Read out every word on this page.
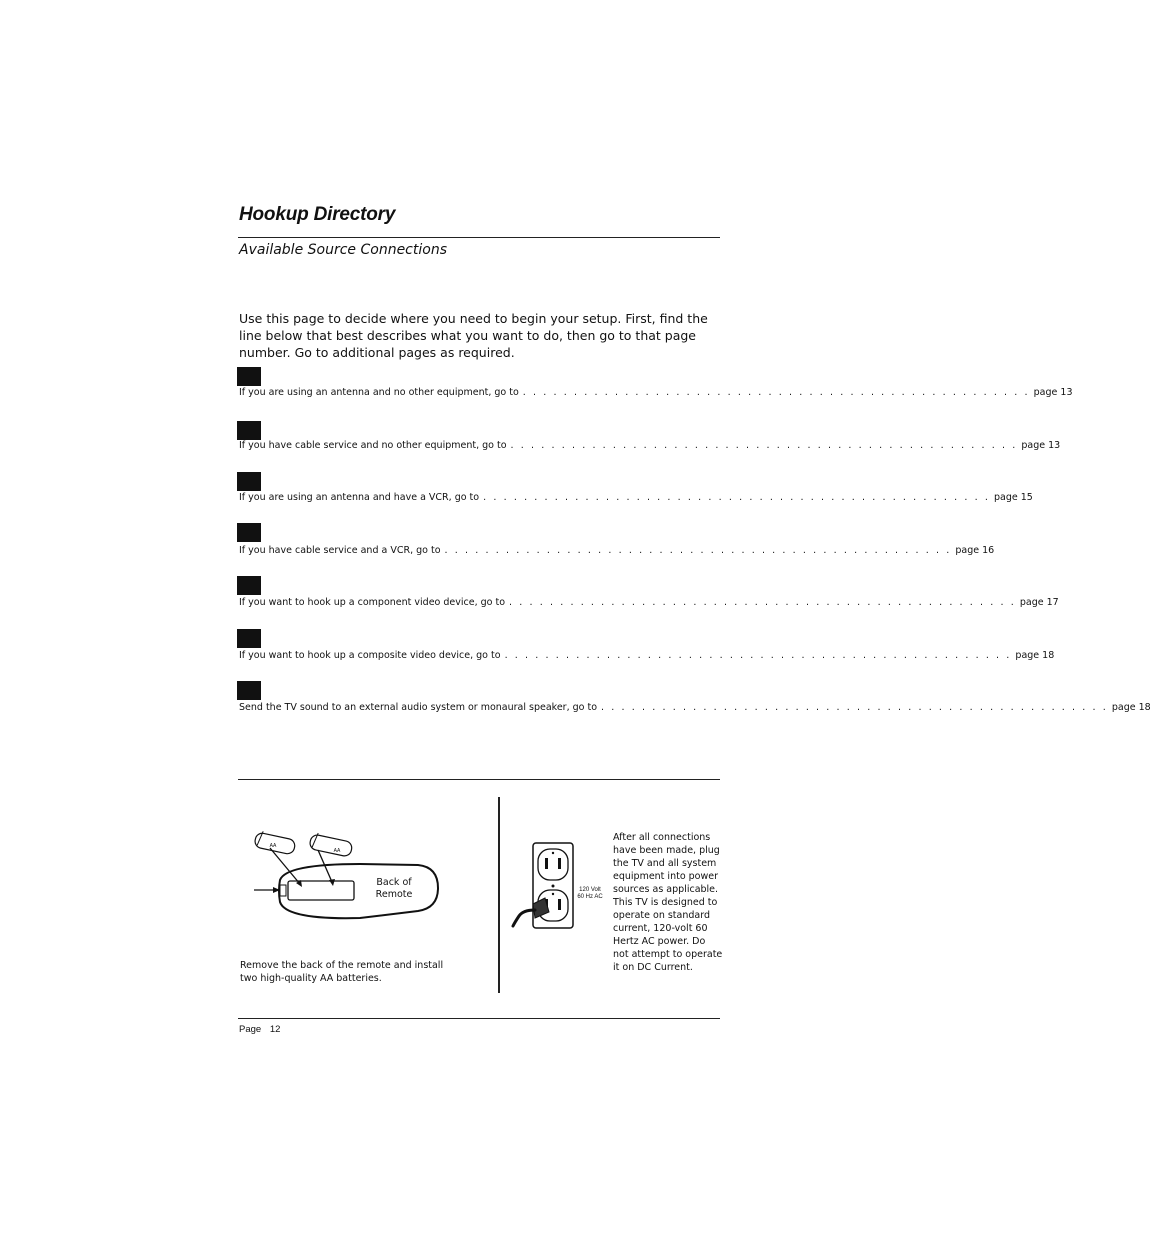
Hookup Directory
Available Source Connections
Use this page to decide where you need to begin your setup. First, find the line below that best describes what you want to do, then go to that page number. Go to additional pages as required.
If you are using an antenna and no other equipment, go to . . . . . . . . . . . . . . . . . . . . . . . . . . . . . . . . . . . . . . . . . . . . . . . . . . page 13
If you have cable service and no other equipment, go to . . . . . . . . . . . . . . . . . . . . . . . . . . . . . . . . . . . . . . . . . . . . . . . . . . page 13
If you are using an antenna and have a VCR, go to . . . . . . . . . . . . . . . . . . . . . . . . . . . . . . . . . . . . . . . . . . . . . . . . . . page 15
If you have cable service and a VCR, go to . . . . . . . . . . . . . . . . . . . . . . . . . . . . . . . . . . . . . . . . . . . . . . . . . . page 16
If you want to hook up a component video device, go to . . . . . . . . . . . . . . . . . . . . . . . . . . . . . . . . . . . . . . . . . . . . . . . . . . page 17
If you want to hook up a composite video device, go to . . . . . . . . . . . . . . . . . . . . . . . . . . . . . . . . . . . . . . . . . . . . . . . . . . page 18
Send the TV sound to an external audio system or monaural speaker, go to . . . . . . . . . . . . . . . . . . . . . . . . . . . . . . . . . . . . . . . . . . . . . . . . . . page 18
AA
AA
Back of
Remote
Remove the back of the remote and install two high-quality AA batteries.
120 Volt
60 Hz AC
After all connections have been made, plug the TV and all system equipment into power sources as applicable. This TV is designed to operate on standard current, 120-volt 60 Hertz AC power. Do not attempt to operate it on DC Current.
Page 12
